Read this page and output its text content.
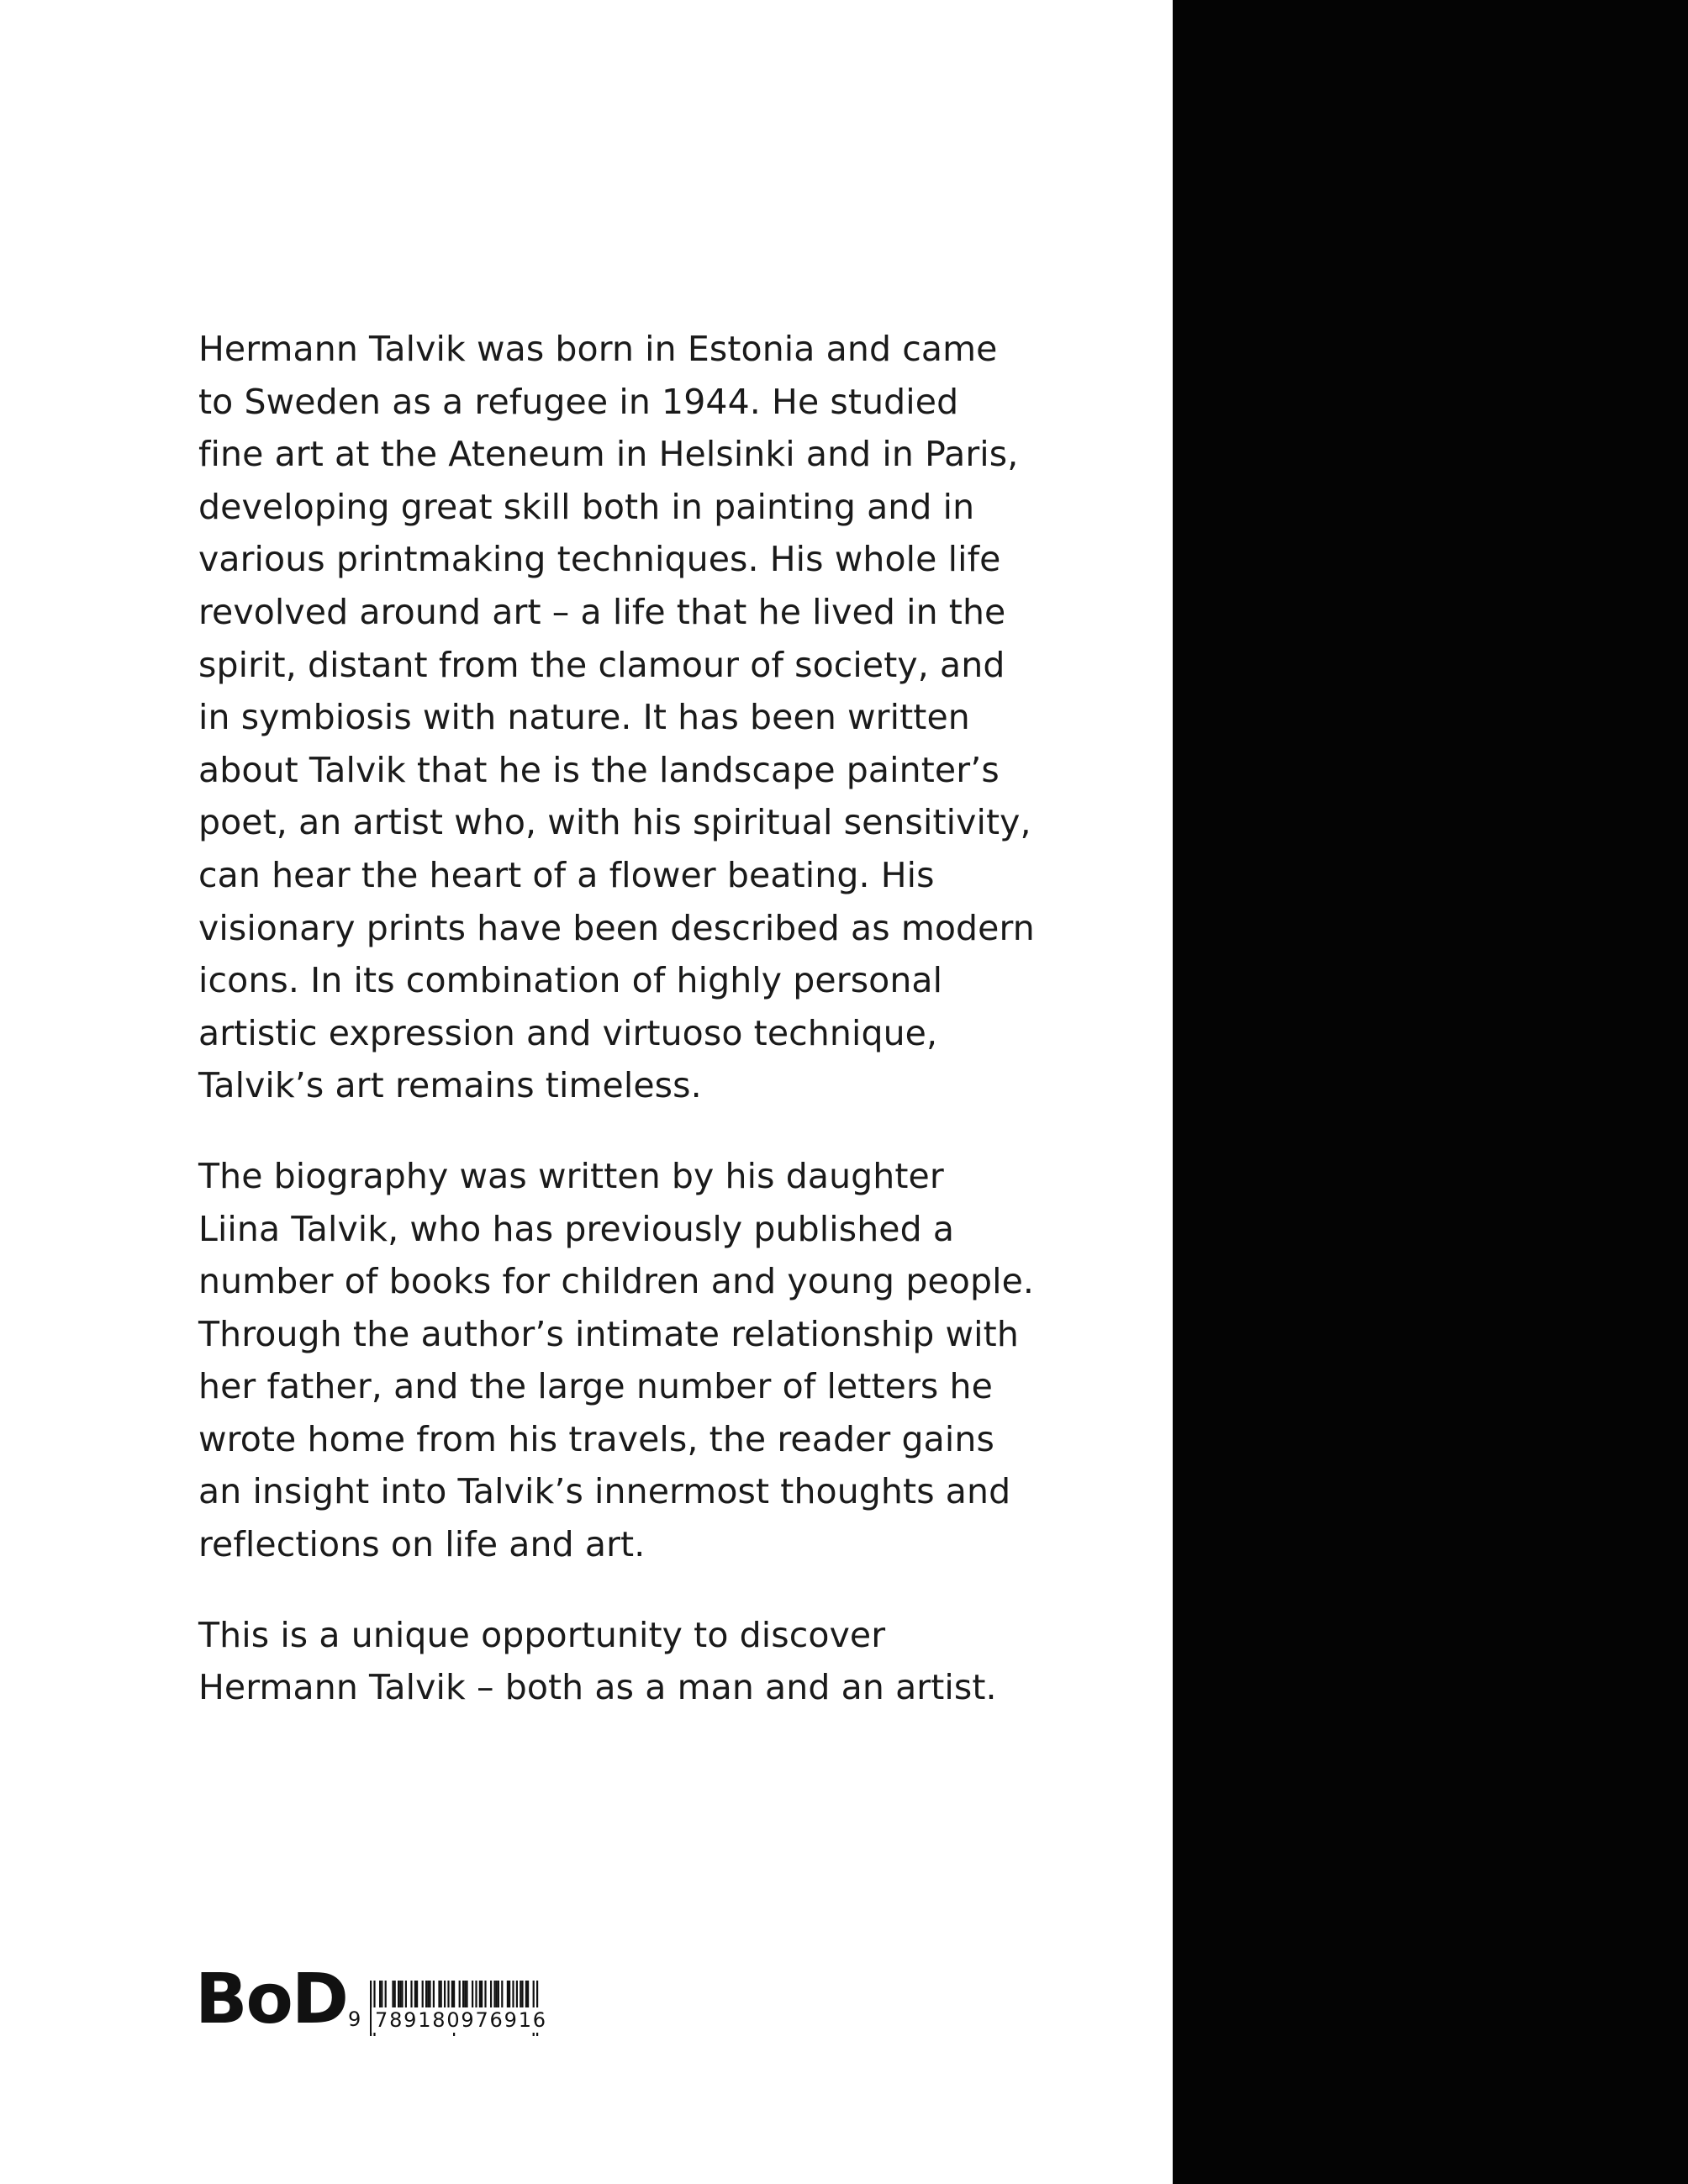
Hermann Talvik was born in Estonia and came
to Sweden as a refugee in 1944. He studied
fine art at the Ateneum in Helsinki and in Paris,
developing great skill both in painting and in
various printmaking techniques. His whole life
revolved around art – a life that he lived in the
spirit, distant from the clamour of society, and
in symbiosis with nature. It has been written
about Talvik that he is the landscape painter’s
poet, an artist who, with his spiritual sensitivity,
can hear the heart of a flower beating. His
visionary prints have been described as modern
icons. In its combination of highly personal
artistic expression and virtuoso technique,
Talvik’s art remains timeless.

The biography was written by his daughter
Liina Talvik, who has previously published a
number of books for children and young people.
Through the author’s intimate relationship with
her father, and the large number of letters he
wrote home from his travels, the reader gains
an insight into Talvik’s innermost thoughts and
reflections on life and art.

This is a unique opportunity to discover
Hermann Talvik – both as a man and an artist.

BoD 9 789180976916
